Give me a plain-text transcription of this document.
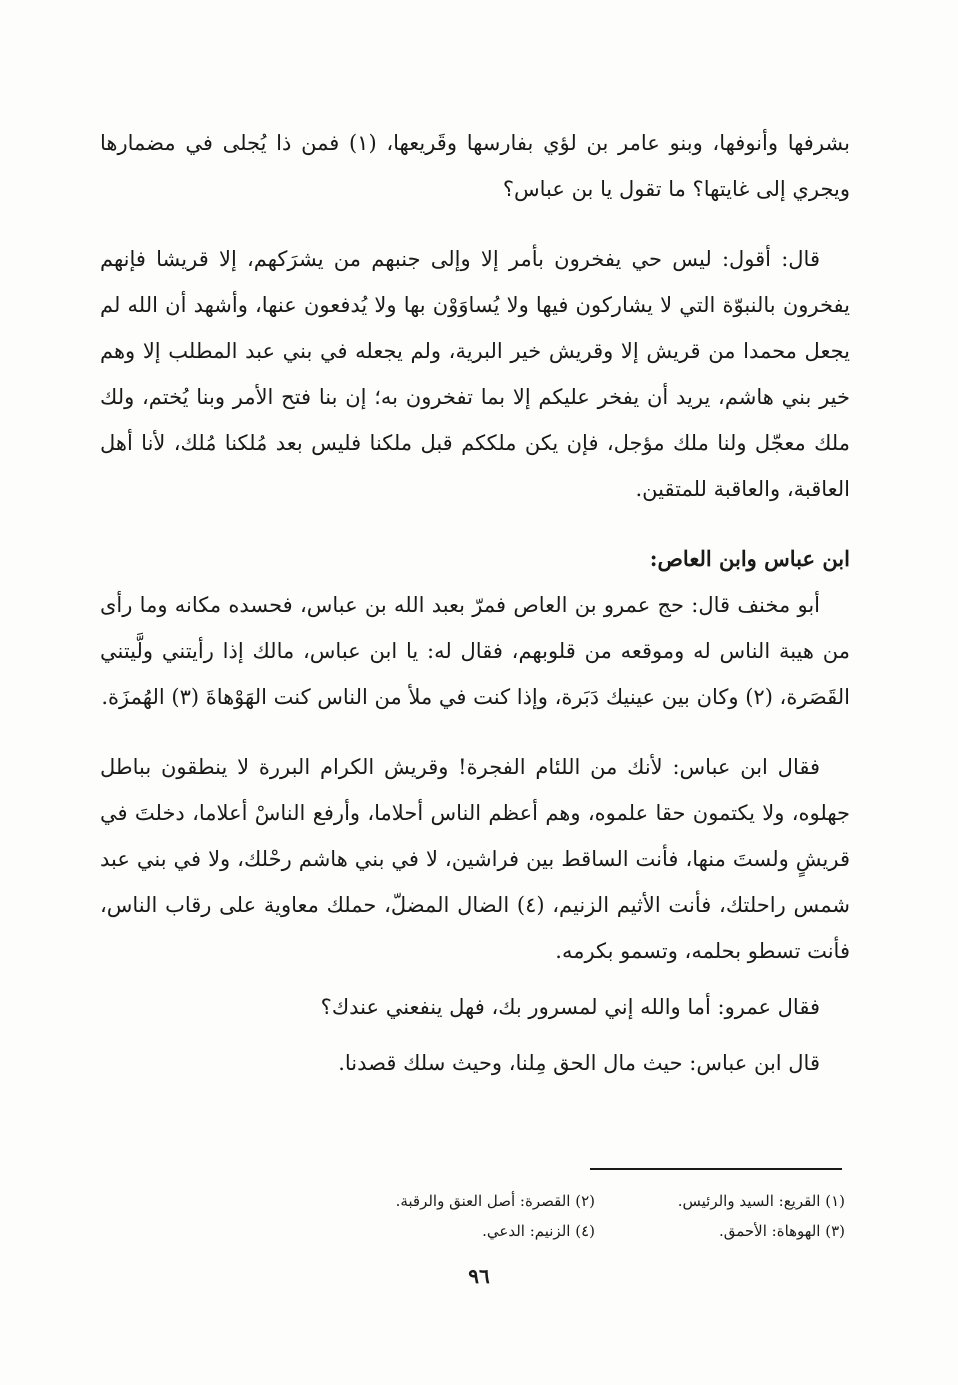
بشرفها وأنوفها، وبنو عامر بن لؤي بفارسها وقَريعها، (١) فمن ذا يُجلى في مضمارها ويجري إلى غايتها؟ ما تقول يا بن عباس؟

قال: أقول: ليس حي يفخرون بأمر إلا وإلى جنبهم من يشرَكهم، إلا قريشا فإنهم يفخرون بالنبوّة التي لا يشاركون فيها ولا يُساوَوْن بها ولا يُدفعون عنها، وأشهد أن الله لم يجعل محمدا من قريش إلا وقريش خير البرية، ولم يجعله في بني عبد المطلب إلا وهم خير بني هاشم، يريد أن يفخر عليكم إلا بما تفخرون به؛ إن بنا فتح الأمر وبنا يُختم، ولك ملك معجّل ولنا ملك مؤجل، فإن يكن ملككم قبل ملكنا فليس بعد مُلكنا مُلك، لأنا أهل العاقبة، والعاقبة للمتقين.

ابن عباس وابن العاص:

أبو مخنف قال: حج عمرو بن العاص فمرّ بعبد الله بن عباس، فحسده مكانه وما رأى من هيبة الناس له وموقعه من قلوبهم، فقال له: يا ابن عباس، مالك إذا رأيتني ولَّيتني القَصَرة، (٢) وكان بين عينيك دَبَرة، وإذا كنت في ملأ من الناس كنت الهَوْهاةَ (٣) الهُمزَة.

فقال ابن عباس: لأنك من اللئام الفجرة! وقريش الكرام البررة لا ينطقون بباطل جهلوه، ولا يكتمون حقا علموه، وهم أعظم الناس أحلاما، وأرفع الناسْ أعلاما، دخلتَ في قريشٍ ولستَ منها، فأنت الساقط بين فراشين، لا في بني هاشم رحْلك، ولا في بني عبد شمس راحلتك، فأنت الأثيم الزنيم، (٤) الضال المضلّ، حملك معاوية على رقاب الناس، فأنت تسطو بحلمه، وتسمو بكرمه.

فقال عمرو: أما والله إني لمسرور بك، فهل ينفعني عندك؟

قال ابن عباس: حيث مال الحق مِلنا، وحيث سلك قصدنا.

(١) القريع: السيد والرئيس.
(٢) القصرة: أصل العنق والرقبة.
(٣) الهوهاة: الأحمق.
(٤) الزنيم: الدعي.
٩٦
